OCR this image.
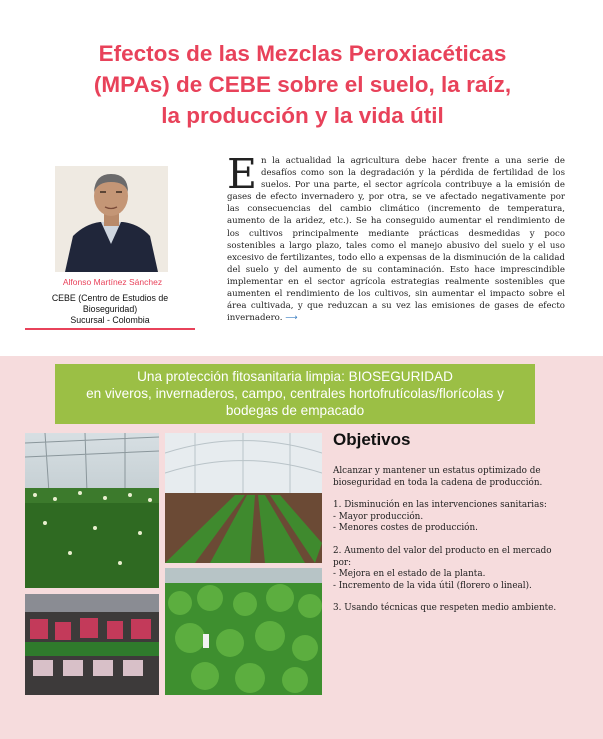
Efectos de las Mezclas Peroxiacéticas
(MPAs) de CEBE sobre el suelo, la raíz,
la producción y la vida útil
Alfonso Martínez Sánchez
CEBE (Centro de Estudios de
Bioseguridad)
Sucursal - Colombia
En la actualidad la agricultura debe hacer frente a una serie de desafíos como son la degradación y la pérdida de fertilidad de los suelos. Por una parte, el sector agrícola contribuye a la emisión de gases de efecto invernadero y, por otra, se ve afectado negativamente por las consecuencias del cambio climático (incremento de temperatura, aumento de la aridez, etc.). Se ha conseguido aumentar el rendimiento de los cultivos principalmente mediante prácticas desmedidas y poco sostenibles a largo plazo, tales como el manejo abusivo del suelo y el uso excesivo de fertilizantes, todo ello a expensas de la disminución de la calidad del suelo y del aumento de su contaminación. Esto hace imprescindible implementar en el sector agrícola estrategias realmente sostenibles que aumenten el rendimiento de los cultivos, sin aumentar el impacto sobre el área cultivada, y que reduzcan a su vez las emisiones de gases de efecto invernadero. ⟶
Una protección fitosanitaria limpia: BIOSEGURIDAD
en viveros, invernaderos, campo, centrales hortofrutícolas/florícolas y
bodegas de empacado
Objetivos

Alcanzar y mantener un estatus optimizado de
bioseguridad en toda la cadena de producción.

1. Disminución en las intervenciones sanitarias:
- Mayor producción.
- Menores costes de producción.

2. Aumento del valor del producto en el mercado
por:
- Mejora en el estado de la planta.
- Incremento de la vida útil (florero o lineal).

3. Usando técnicas que respeten medio ambiente.
